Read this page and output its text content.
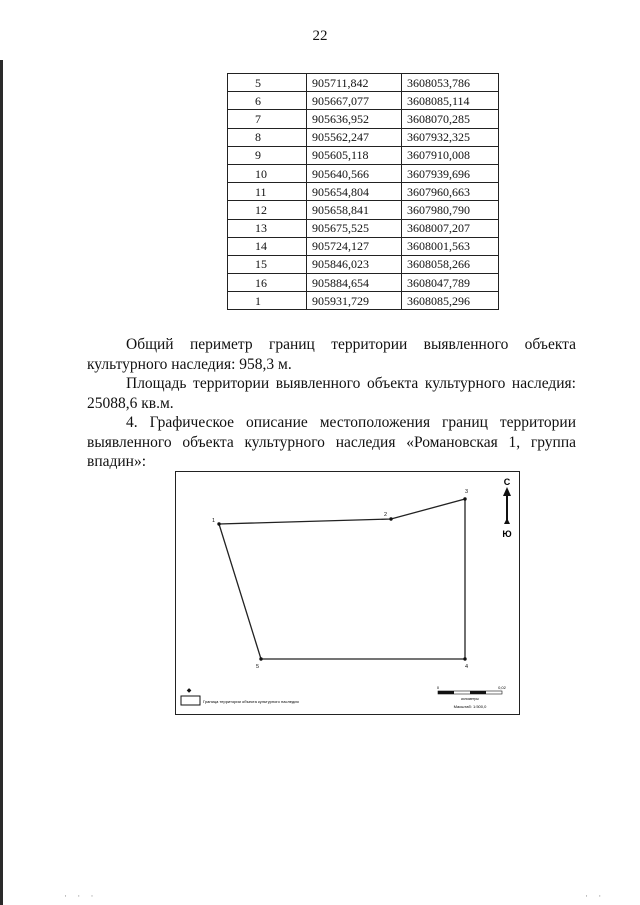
22
5	905711,842	3608053,786
6	905667,077	3608085,114
7	905636,952	3608070,285
8	905562,247	3607932,325
9	905605,118	3607910,008
10	905640,566	3607939,696
11	905654,804	3607960,663
12	905658,841	3607980,790
13	905675,525	3608007,207
14	905724,127	3608001,563
15	905846,023	3608058,266
16	905884,654	3608047,789
1	905931,729	3608085,296
Общий периметр границ территории выявленного объекта
культурного наследия: 958,3 м.
Площадь территории выявленного объекта культурного наследия:
25088,6 кв.м.
4. Графическое описание местоположения границ территории
выявленного объекта культурного наследия «Романовская 1, группа
впадин»:
1
2
3
4
5
С
Ю
◆
Граница территории объекта культурного наследия
0	0,02
километры
Масштаб: 1:500,0
· · ·	· ·
